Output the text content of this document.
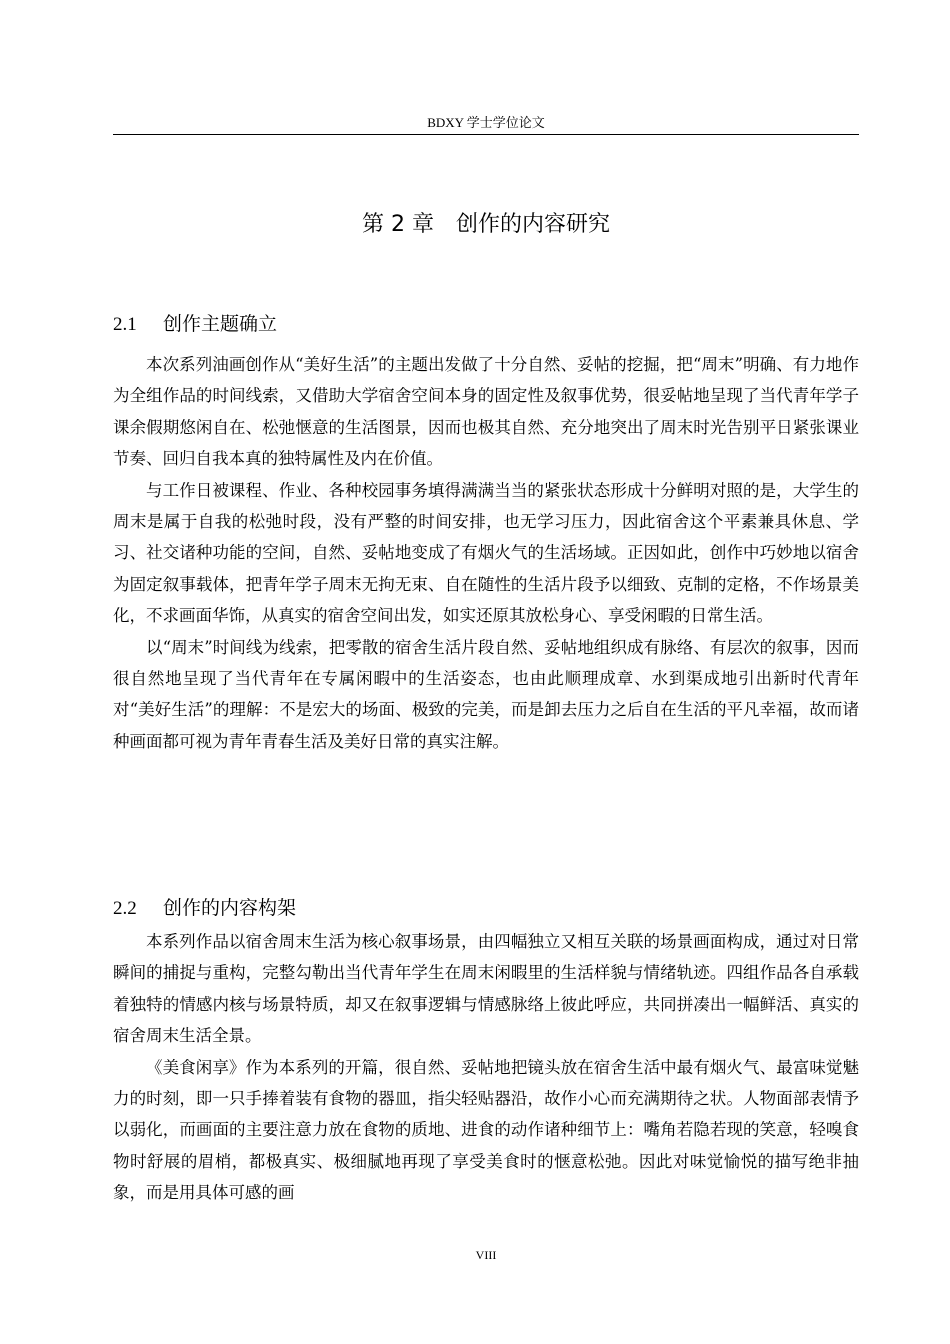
BDXY 学士学位论文
第 2 章　创作的内容研究
2.1 创作主题确立

本次系列油画创作从“美好生活”的主题出发做了十分自然、妥帖的挖掘，把“周末”明确、有力地作为全组作品的时间线索，又借助大学宿舍空间本身的固定性及叙事优势，很妥帖地呈现了当代青年学子课余假期悠闲自在、松弛惬意的生活图景，因而也极其自然、充分地突出了周末时光告别平日紧张课业节奏、回归自我本真的独特属性及内在价值。

与工作日被课程、作业、各种校园事务填得满满当当的紧张状态形成十分鲜明对照的是，大学生的周末是属于自我的松弛时段，没有严整的时间安排，也无学习压力，因此宿舍这个平素兼具休息、学习、社交诸种功能的空间，自然、妥帖地变成了有烟火气的生活场域。正因如此，创作中巧妙地以宿舍为固定叙事载体，把青年学子周末无拘无束、自在随性的生活片段予以细致、克制的定格，不作场景美化，不求画面华饰，从真实的宿舍空间出发，如实还原其放松身心、享受闲暇的日常生活。

以“周末”时间线为线索，把零散的宿舍生活片段自然、妥帖地组织成有脉络、有层次的叙事，因而很自然地呈现了当代青年在专属闲暇中的生活姿态，也由此顺理成章、水到渠成地引出新时代青年对“美好生活”的理解：不是宏大的场面、极致的完美，而是卸去压力之后自在生活的平凡幸福，故而诸种画面都可视为青年青春生活及美好日常的真实注解。

2.2 创作的内容构架

本系列作品以宿舍周末生活为核心叙事场景，由四幅独立又相互关联的场景画面构成，通过对日常瞬间的捕捉与重构，完整勾勒出当代青年学生在周末闲暇里的生活样貌与情绪轨迹。四组作品各自承载着独特的情感内核与场景特质，却又在叙事逻辑与情感脉络上彼此呼应，共同拼凑出一幅鲜活、真实的宿舍周末生活全景。

《美食闲享》作为本系列的开篇，很自然、妥帖地把镜头放在宿舍生活中最有烟火气、最富味觉魅力的时刻，即一只手捧着装有食物的器皿，指尖轻贴器沿，故作小心而充满期待之状。人物面部表情予以弱化，而画面的主要注意力放在食物的质地、进食的动作诸种细节上：嘴角若隐若现的笑意，轻嗅食物时舒展的眉梢，都极真实、极细腻地再现了享受美食时的惬意松弛。因此对味觉愉悦的描写绝非抽象，而是用具体可感的画

VIII
